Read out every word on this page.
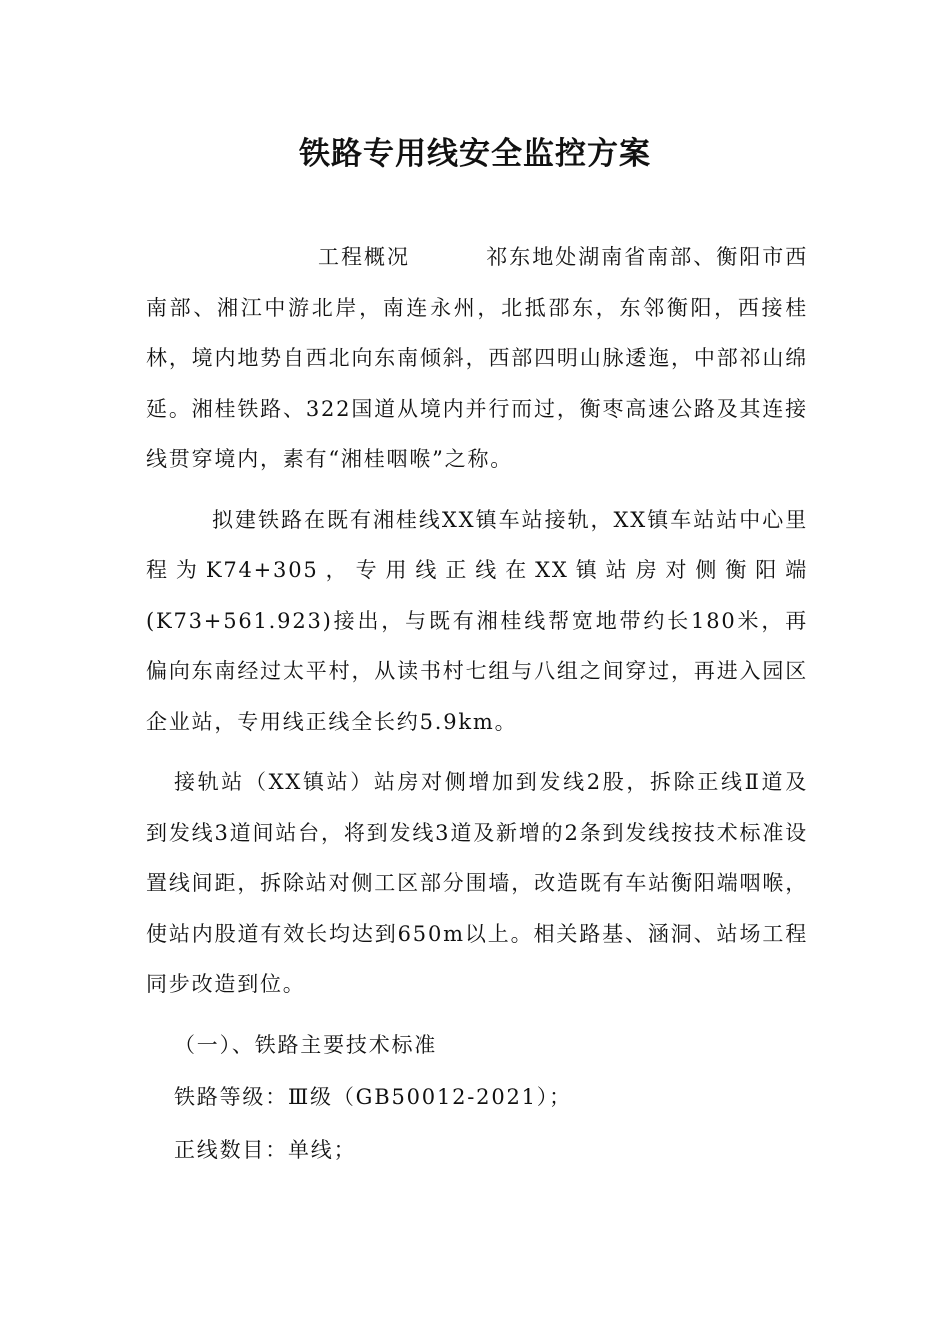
铁路专用线安全监控方案

工程概况	祁东地处湖南省南部、衡阳市西南部、湘江中游北岸，南连永州，北抵邵东，东邻衡阳，西接桂林，境内地势自西北向东南倾斜，西部四明山脉逶迤，中部祁山绵延。湘桂铁路、322国道从境内并行而过，衡枣高速公路及其连接线贯穿境内，素有“湘桂咽喉”之称。

拟建铁路在既有湘桂线XX镇车站接轨，XX镇车站站中心里程为K74+305，专用线正线在XX镇站房对侧衡阳端(K73+561.923)接出，与既有湘桂线帮宽地带约长180米，再偏向东南经过太平村，从读书村七组与八组之间穿过，再进入园区企业站，专用线正线全长约5.9km。

接轨站（XX镇站）站房对侧增加到发线2股，拆除正线Ⅱ道及到发线3道间站台，将到发线3道及新增的2条到发线按技术标准设置线间距，拆除站对侧工区部分围墙，改造既有车站衡阳端咽喉，使站内股道有效长均达到650m以上。相关路基、涵洞、站场工程同步改造到位。

（一）、铁路主要技术标准

铁路等级：Ⅲ级（GB50012-2021）；

正线数目：单线；
